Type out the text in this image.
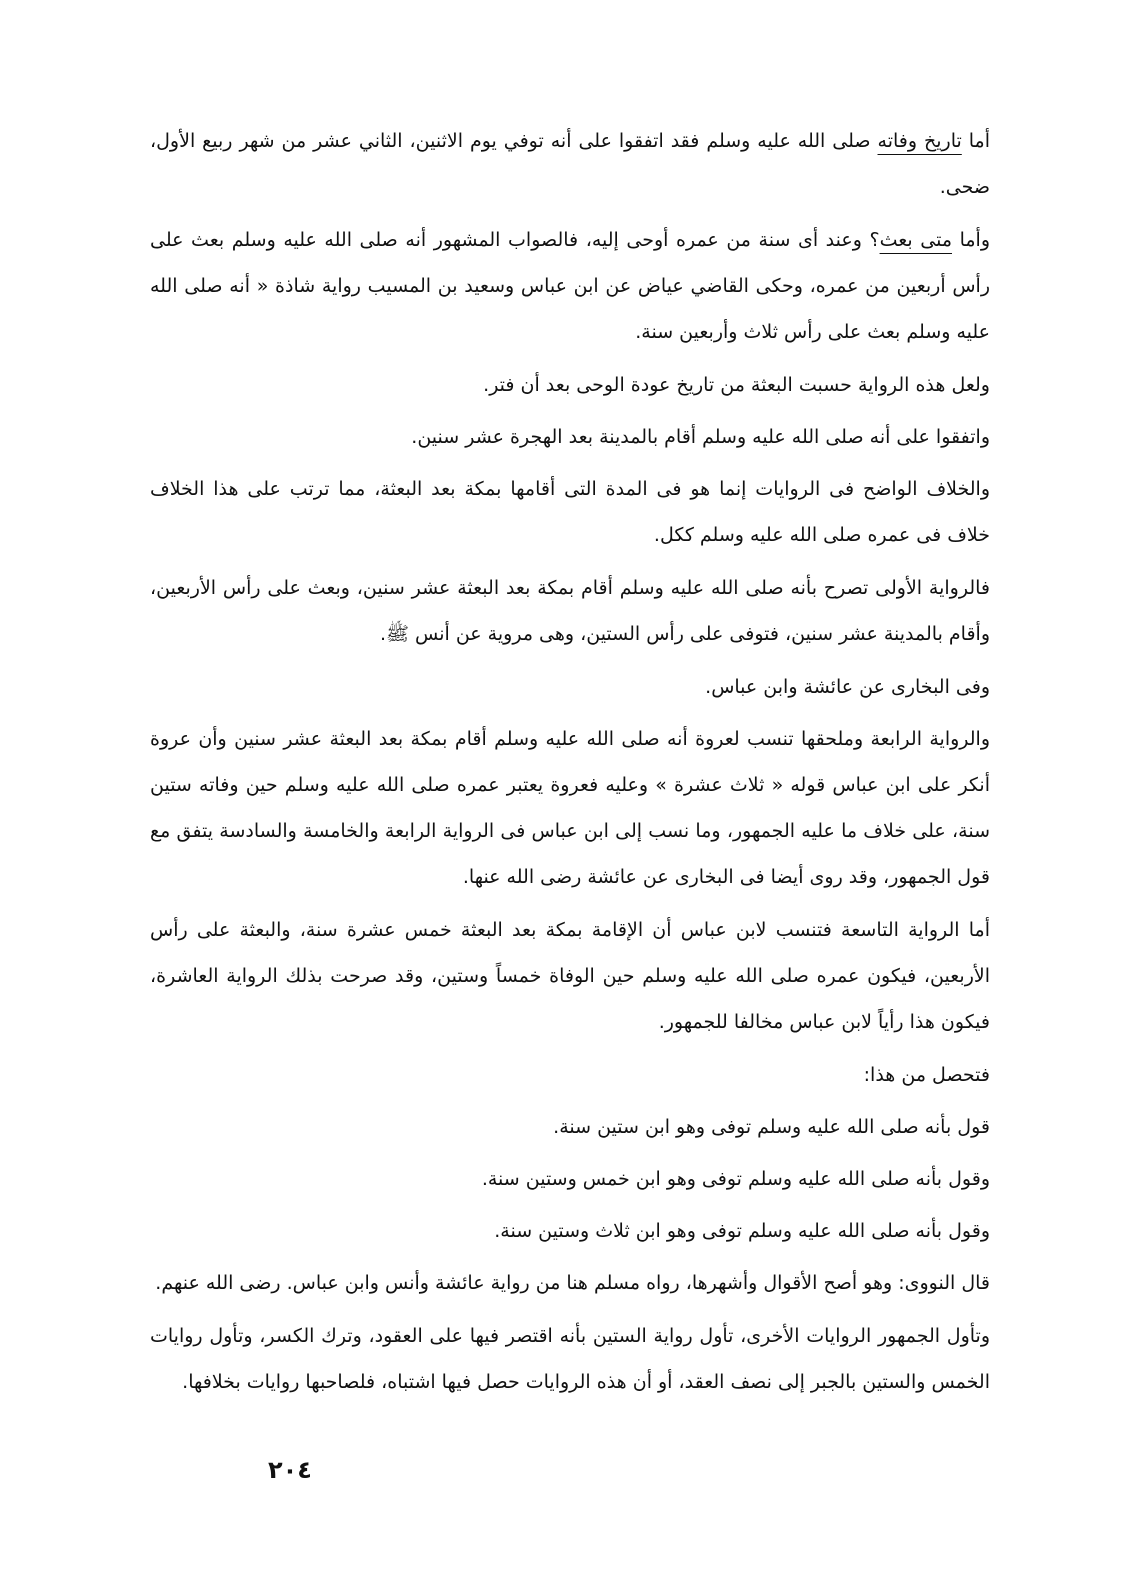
أما تاريخ وفاته صلى الله عليه وسلم فقد اتفقوا على أنه توفي يوم الاثنين، الثاني عشر من شهر ربيع الأول، ضحى.

وأما متى بعث؟ وعند أى سنة من عمره أوحى إليه، فالصواب المشهور أنه صلى الله عليه وسلم بعث على رأس أربعين من عمره، وحكى القاضي عياض عن ابن عباس وسعيد بن المسيب رواية شاذة « أنه صلى الله عليه وسلم بعث على رأس ثلاث وأربعين سنة.

ولعل هذه الرواية حسبت البعثة من تاريخ عودة الوحى بعد أن فتر.

واتفقوا على أنه صلى الله عليه وسلم أقام بالمدينة بعد الهجرة عشر سنين.

والخلاف الواضح فى الروايات إنما هو فى المدة التى أقامها بمكة بعد البعثة، مما ترتب على هذا الخلاف خلاف فى عمره صلى الله عليه وسلم ككل.

فالرواية الأولى تصرح بأنه صلى الله عليه وسلم أقام بمكة بعد البعثة عشر سنين، وبعث على رأس الأربعين، وأقام بالمدينة عشر سنين، فتوفى على رأس الستين، وهى مروية عن أنس ﷺ.

وفى البخارى عن عائشة وابن عباس.

والرواية الرابعة وملحقها تنسب لعروة أنه صلى الله عليه وسلم أقام بمكة بعد البعثة عشر سنين وأن عروة أنكر على ابن عباس قوله « ثلاث عشرة » وعليه فعروة يعتبر عمره صلى الله عليه وسلم حين وفاته ستين سنة، على خلاف ما عليه الجمهور، وما نسب إلى ابن عباس فى الرواية الرابعة والخامسة والسادسة يتفق مع قول الجمهور، وقد روى أيضا فى البخارى عن عائشة رضى الله عنها.

أما الرواية التاسعة فتنسب لابن عباس أن الإقامة بمكة بعد البعثة خمس عشرة سنة، والبعثة على رأس الأربعين، فيكون عمره صلى الله عليه وسلم حين الوفاة خمساً وستين، وقد صرحت بذلك الرواية العاشرة، فيكون هذا رأياً لابن عباس مخالفا للجمهور.

فتحصل من هذا:

قول بأنه صلى الله عليه وسلم توفى وهو ابن ستين سنة.

وقول بأنه صلى الله عليه وسلم توفى وهو ابن خمس وستين سنة.

وقول بأنه صلى الله عليه وسلم توفى وهو ابن ثلاث وستين سنة.

قال النووى: وهو أصح الأقوال وأشهرها، رواه مسلم هنا من رواية عائشة وأنس وابن عباس. رضى الله عنهم.

وتأول الجمهور الروايات الأخرى، تأول رواية الستين بأنه اقتصر فيها على العقود، وترك الكسر، وتأول روايات الخمس والستين بالجبر إلى نصف العقد، أو أن هذه الروايات حصل فيها اشتباه، فلصاحبها روايات بخلافها.

٢٠٤
